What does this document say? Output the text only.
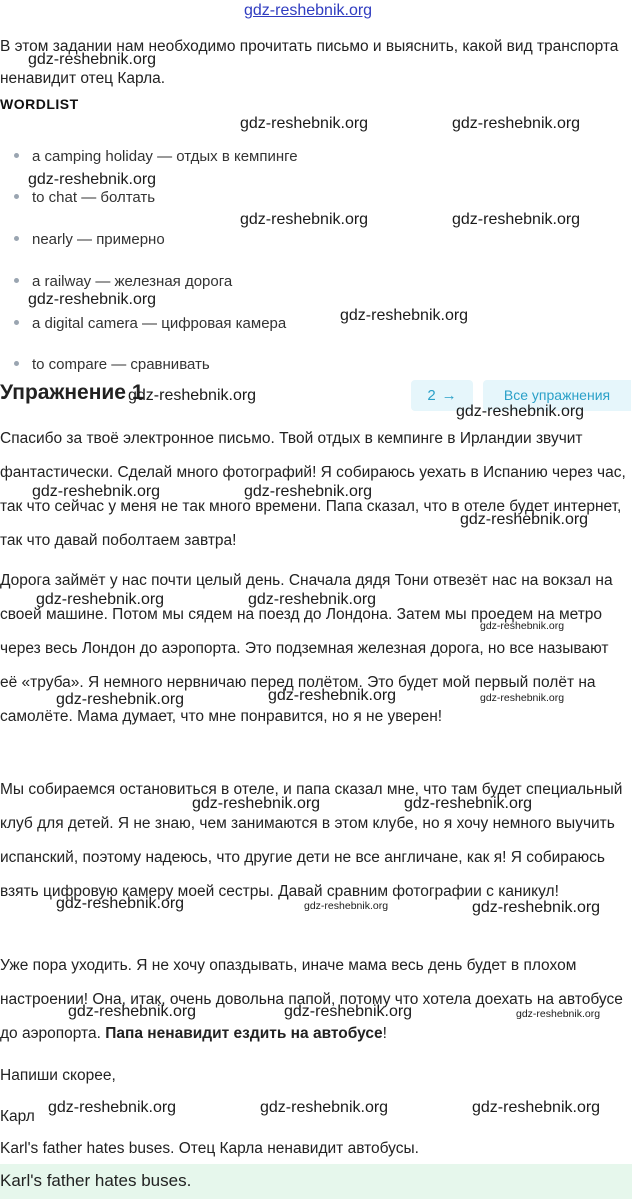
gdz-reshebnik.org

В этом задании нам необходимо прочитать письмо и выяснить, какой вид транспорта ненавидит отец Карла.

WORDLIST
a camping holiday — отдых в кемпинге
to chat — болтать
nearly — примерно
a railway — железная дорога
a digital camera — цифровая камера
to compare — сравнивать
Упражнение 1	2 →	Все упражнения

Спасибо за твоё электронное письмо. Твой отдых в кемпинге в Ирландии звучит фантастически. Сделай много фотографий! Я собираюсь уехать в Испанию через час, так что сейчас у меня не так много времени. Папа сказал, что в отеле будет интернет, так что давай поболтаем завтра!

Дорога займёт у нас почти целый день. Сначала дядя Тони отвезёт нас на вокзал на своей машине. Потом мы сядем на поезд до Лондона. Затем мы проедем на метро через весь Лондон до аэропорта. Это подземная железная дорога, но все называют её «труба». Я немного нервничаю перед полётом. Это будет мой первый полёт на самолёте. Мама думает, что мне понравится, но я не уверен!

Мы собираемся остановиться в отеле, и папа сказал мне, что там будет специальный клуб для детей. Я не знаю, чем занимаются в этом клубе, но я хочу немного выучить испанский, поэтому надеюсь, что другие дети не все англичане, как я! Я собираюсь взять цифровую камеру моей сестры. Давай сравним фотографии с каникул!

Уже пора уходить. Я не хочу опаздывать, иначе мама весь день будет в плохом настроении! Она, итак, очень довольна папой, потому что хотела доехать на автобусе до аэропорта. Папа ненавидит ездить на автобусе!

Напиши скорее,

Карл

Karl's father hates buses. Отец Карла ненавидит автобусы.

Karl's father hates buses.
gdz-reshebnik.org
gdz-reshebnik.org	gdz-reshebnik.org
gdz-reshebnik.org
gdz-reshebnik.org	gdz-reshebnik.org
gdz-reshebnik.org
gdz-reshebnik.org
gdz-reshebnik.org
gdz-reshebnik.org
gdz-reshebnik.org	gdz-reshebnik.org
gdz-reshebnik.org
gdz-reshebnik.org	gdz-reshebnik.org
gdz-reshebnik.org
gdz-reshebnik.org	gdz-reshebnik.org	gdz-reshebnik.org
gdz-reshebnik.org	gdz-reshebnik.org
gdz-reshebnik.org	gdz-reshebnik.org	gdz-reshebnik.org
gdz-reshebnik.org	gdz-reshebnik.org	gdz-reshebnik.org
gdz-reshebnik.org	gdz-reshebnik.org	gdz-reshebnik.org
